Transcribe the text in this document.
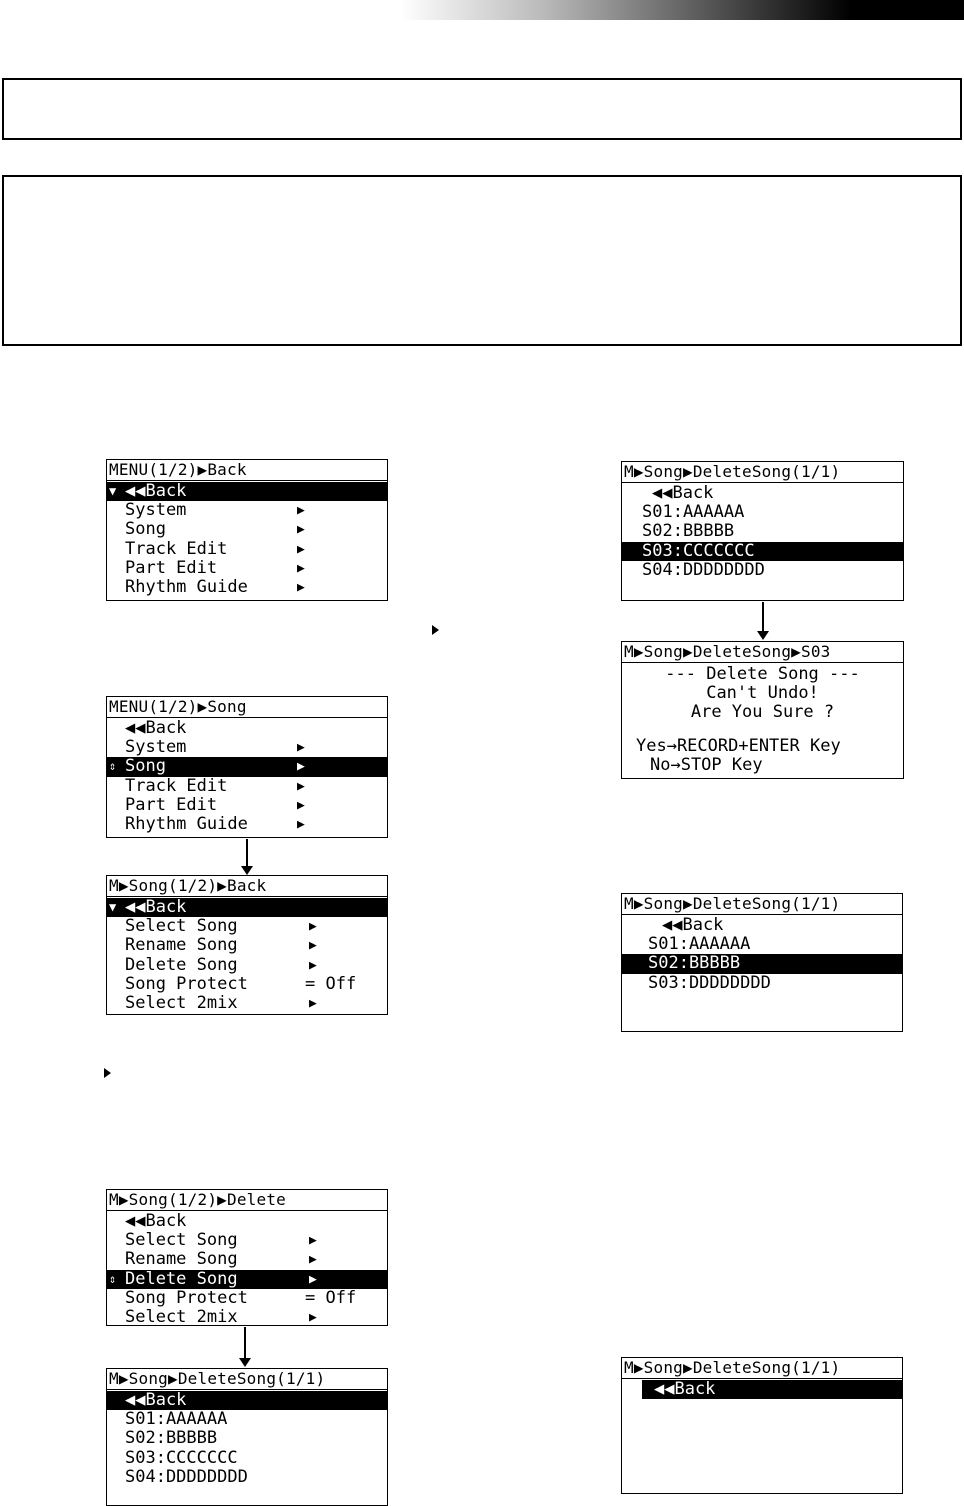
MENU(1/2)▶Back
▼ ◀◀Back
System	▶
Song	▶
Track Edit	▶
Part Edit	▶
Rhythm Guide	▶
MENU(1/2)▶Song
◀◀Back
System	▶
⇕ Song	▶
Track Edit	▶
Part Edit	▶
Rhythm Guide	▶
M▶Song(1/2)▶Back
▼ ◀◀Back
Select Song	▶
Rename Song	▶
Delete Song	▶
Song Protect	= Off
Select 2mix	▶
M▶Song(1/2)▶Delete
◀◀Back
Select Song	▶
Rename Song	▶
⇕ Delete Song	▶
Song Protect	= Off
Select 2mix	▶
M▶Song▶DeleteSong(1/1)
◀◀Back
S01:AAAAAA
S02:BBBBB
S03:CCCCCCC
S04:DDDDDDDD
M▶Song▶DeleteSong(1/1)
◀◀Back
S01:AAAAAA
S02:BBBBB
S03:CCCCCCC
S04:DDDDDDDD
M▶Song▶DeleteSong▶S03
--- Delete Song ---
Can't Undo!
Are You Sure ?
Yes→RECORD+ENTER Key
No→STOP Key
M▶Song▶DeleteSong(1/1)
◀◀Back
S01:AAAAAA
S02:BBBBB
S03:DDDDDDDD
M▶Song▶DeleteSong(1/1)
◀◀Back
